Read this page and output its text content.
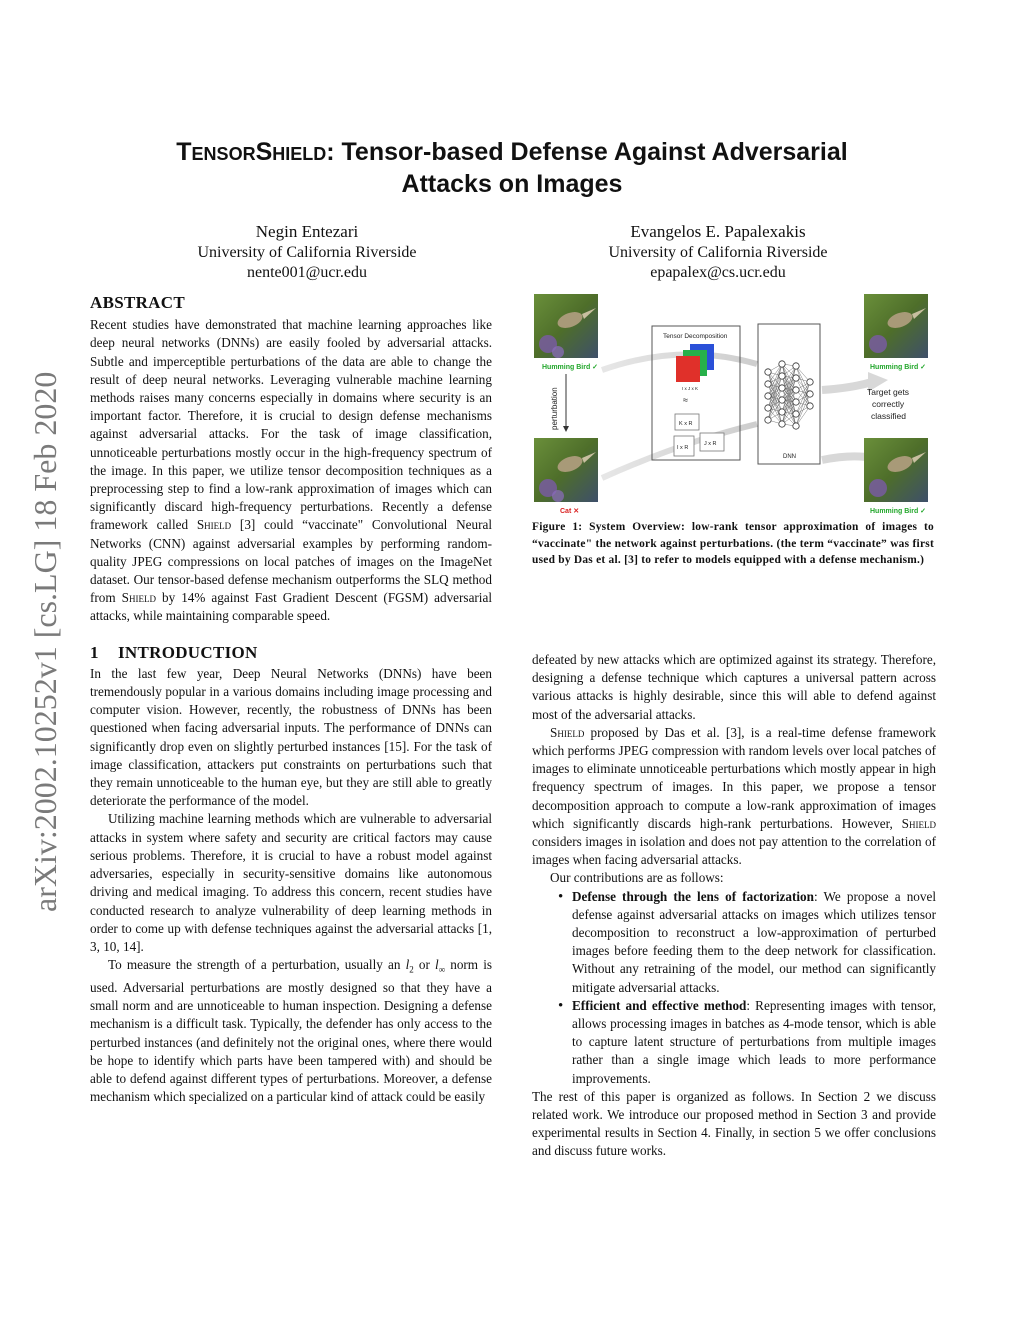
arXiv:2002.10252v1 [cs.LG] 18 Feb 2020
TensorShield: Tensor-based Defense Against Adversarial
Attacks on Images
Negin Entezari
University of California Riverside
nente001@ucr.edu
Evangelos E. Papalexakis
University of California Riverside
epapalex@cs.ucr.edu
ABSTRACT

Recent studies have demonstrated that machine learning approaches like deep neural networks (DNNs) are easily fooled by adversarial attacks. Subtle and imperceptible perturbations of the data are able to change the result of deep neural networks. Leveraging vulnerable machine learning methods raises many concerns especially in domains where security is an important factor. Therefore, it is crucial to design defense mechanisms against adversarial attacks. For the task of image classification, unnoticeable perturbations mostly occur in the high-frequency spectrum of the image. In this paper, we utilize tensor decomposition techniques as a preprocessing step to find a low-rank approximation of images which can significantly discard high-frequency perturbations. Recently a defense framework called Shield [3] could “vaccinate" Convolutional Neural Networks (CNN) against adversarial examples by performing random-quality JPEG compressions on local patches of images on the ImageNet dataset. Our tensor-based defense mechanism outperforms the SLQ method from Shield by 14% against Fast Gradient Descent (FGSM) adversarial attacks, while maintaining comparable speed.

1 INTRODUCTION

In the last few year, Deep Neural Networks (DNNs) have been tremendously popular in a various domains including image processing and computer vision. However, recently, the robustness of DNNs has been questioned when facing adversarial inputs. The performance of DNNs can significantly drop even on slightly perturbed instances [15]. For the task of image classification, attackers put constraints on perturbations such that they remain unnoticeable to the human eye, but they are still able to greatly deteriorate the performance of the model.

Utilizing machine learning methods which are vulnerable to adversarial attacks in system where safety and security are critical factors may cause serious problems. Therefore, it is crucial to have a robust model against adversaries, especially in security-sensitive domains like autonomous driving and medical imaging. To address this concern, recent studies have conducted research to analyze vulnerability of deep learning methods in order to come up with defense techniques against the adversarial attacks [1, 3, 10, 14].

To measure the strength of a perturbation, usually an $l_2$ or $l_\infty$ norm is used. Adversarial perturbations are mostly designed so that they have a small norm and are unnoticeable to human inspection. Designing a defense mechanism is a difficult task. Typically, the defender has only access to the perturbed instances (and definitely not the original ones, where there would be hope to identify which parts have been tampered with) and should be able to defend against different types of perturbations. Moreover, a defense mechanism which specialized on a particular kind of attack could be easily

Humming Bird ✓
Cat ✕
perturbation
Tensor Decomposition
I x J x K
≈
K x R
I x R
J x R
DNN
Humming Bird ✓
Target gets
correctly
classified
Humming Bird ✓
Figure 1: System Overview: low-rank tensor approximation of images to “vaccinate" the network against perturbations. (the term “vaccinate” was first used by Das et al. [3] to refer to models equipped with a defense mechanism.)

defeated by new attacks which are optimized against its strategy. Therefore, designing a defense technique which captures a universal pattern across various attacks is highly desirable, since this will able to defend against most of the adversarial attacks.

Shield proposed by Das et al. [3], is a real-time defense framework which performs JPEG compression with random levels over local patches of images to eliminate unnoticeable perturbations which mostly appear in high frequency spectrum of images. In this paper, we propose a tensor decomposition approach to compute a low-rank approximation of images which significantly discards high-rank perturbations. However, Shield considers images in isolation and does not pay attention to the correlation of images when facing adversarial attacks.

Our contributions are as follows:

• Defense through the lens of factorization: We propose a novel defense against adversarial attacks on images which utilizes tensor decomposition to reconstruct a low-approximation of perturbed images before feeding them to the deep network for classification. Without any retraining of the model, our method can significantly mitigate adversarial attacks.
• Efficient and effective method: Representing images with tensor, allows processing images in batches as 4-mode tensor, which is able to capture latent structure of perturbations from multiple images rather than a single image which leads to more performance improvements.

The rest of this paper is organized as follows. In Section 2 we discuss related work. We introduce our proposed method in Section 3 and provide experimental results in Section 4. Finally, in section 5 we offer conclusions and discuss future works.
